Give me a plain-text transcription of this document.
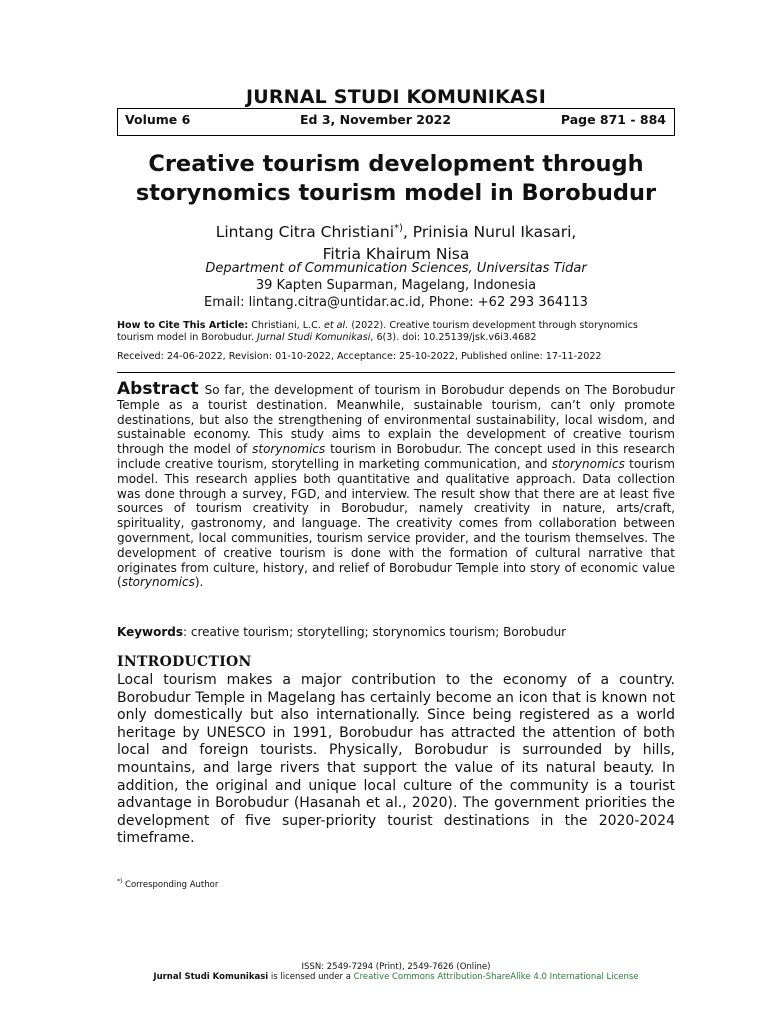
JURNAL STUDI KOMUNIKASI
Volume 6	Ed 3, November 2022	Page 871 - 884
Creative tourism development through
storynomics tourism model in Borobudur
Lintang Citra Christiani*), Prinisia Nurul Ikasari,
Fitria Khairum Nisa
Department of Communication Sciences, Universitas Tidar
39 Kapten Suparman, Magelang, Indonesia
Email: lintang.citra@untidar.ac.id, Phone: +62 293 364113
How to Cite This Article: Christiani, L.C. et al. (2022). Creative tourism development through storynomics tourism model in Borobudur. Jurnal Studi Komunikasi, 6(3). doi: 10.25139/jsk.v6i3.4682
Received: 24-06-2022, Revision: 01-10-2022, Acceptance: 25-10-2022, Published online: 17-11-2022
Abstract So far, the development of tourism in Borobudur depends on The Borobudur Temple as a tourist destination. Meanwhile, sustainable tourism, can’t only promote destinations, but also the strengthening of environmental sustainability, local wisdom, and sustainable economy. This study aims to explain the development of creative tourism through the model of storynomics tourism in Borobudur. The concept used in this research include creative tourism, storytelling in marketing communication, and storynomics tourism model. This research applies both quantitative and qualitative approach. Data collection was done through a survey, FGD, and interview. The result show that there are at least five sources of tourism creativity in Borobudur, namely creativity in nature, arts/craft, spirituality, gastronomy, and language. The creativity comes from collaboration between government, local communities, tourism service provider, and the tourism themselves. The development of creative tourism is done with the formation of cultural narrative that originates from culture, history, and relief of Borobudur Temple into story of economic value (storynomics).
Keywords: creative tourism; storytelling; storynomics tourism; Borobudur
INTRODUCTION
Local tourism makes a major contribution to the economy of a country. Borobudur Temple in Magelang has certainly become an icon that is known not only domestically but also internationally. Since being registered as a world heritage by UNESCO in 1991, Borobudur has attracted the attention of both local and foreign tourists. Physically, Borobudur is surrounded by hills, mountains, and large rivers that support the value of its natural beauty. In addition, the original and unique local culture of the community is a tourist advantage in Borobudur (Hasanah et al., 2020). The government priorities the development of five super-priority tourist destinations in the 2020-2024 timeframe.
*) Corresponding Author
ISSN: 2549-7294 (Print), 2549-7626 (Online)
Jurnal Studi Komunikasi is licensed under a Creative Commons Attribution-ShareAlike 4.0 International License
